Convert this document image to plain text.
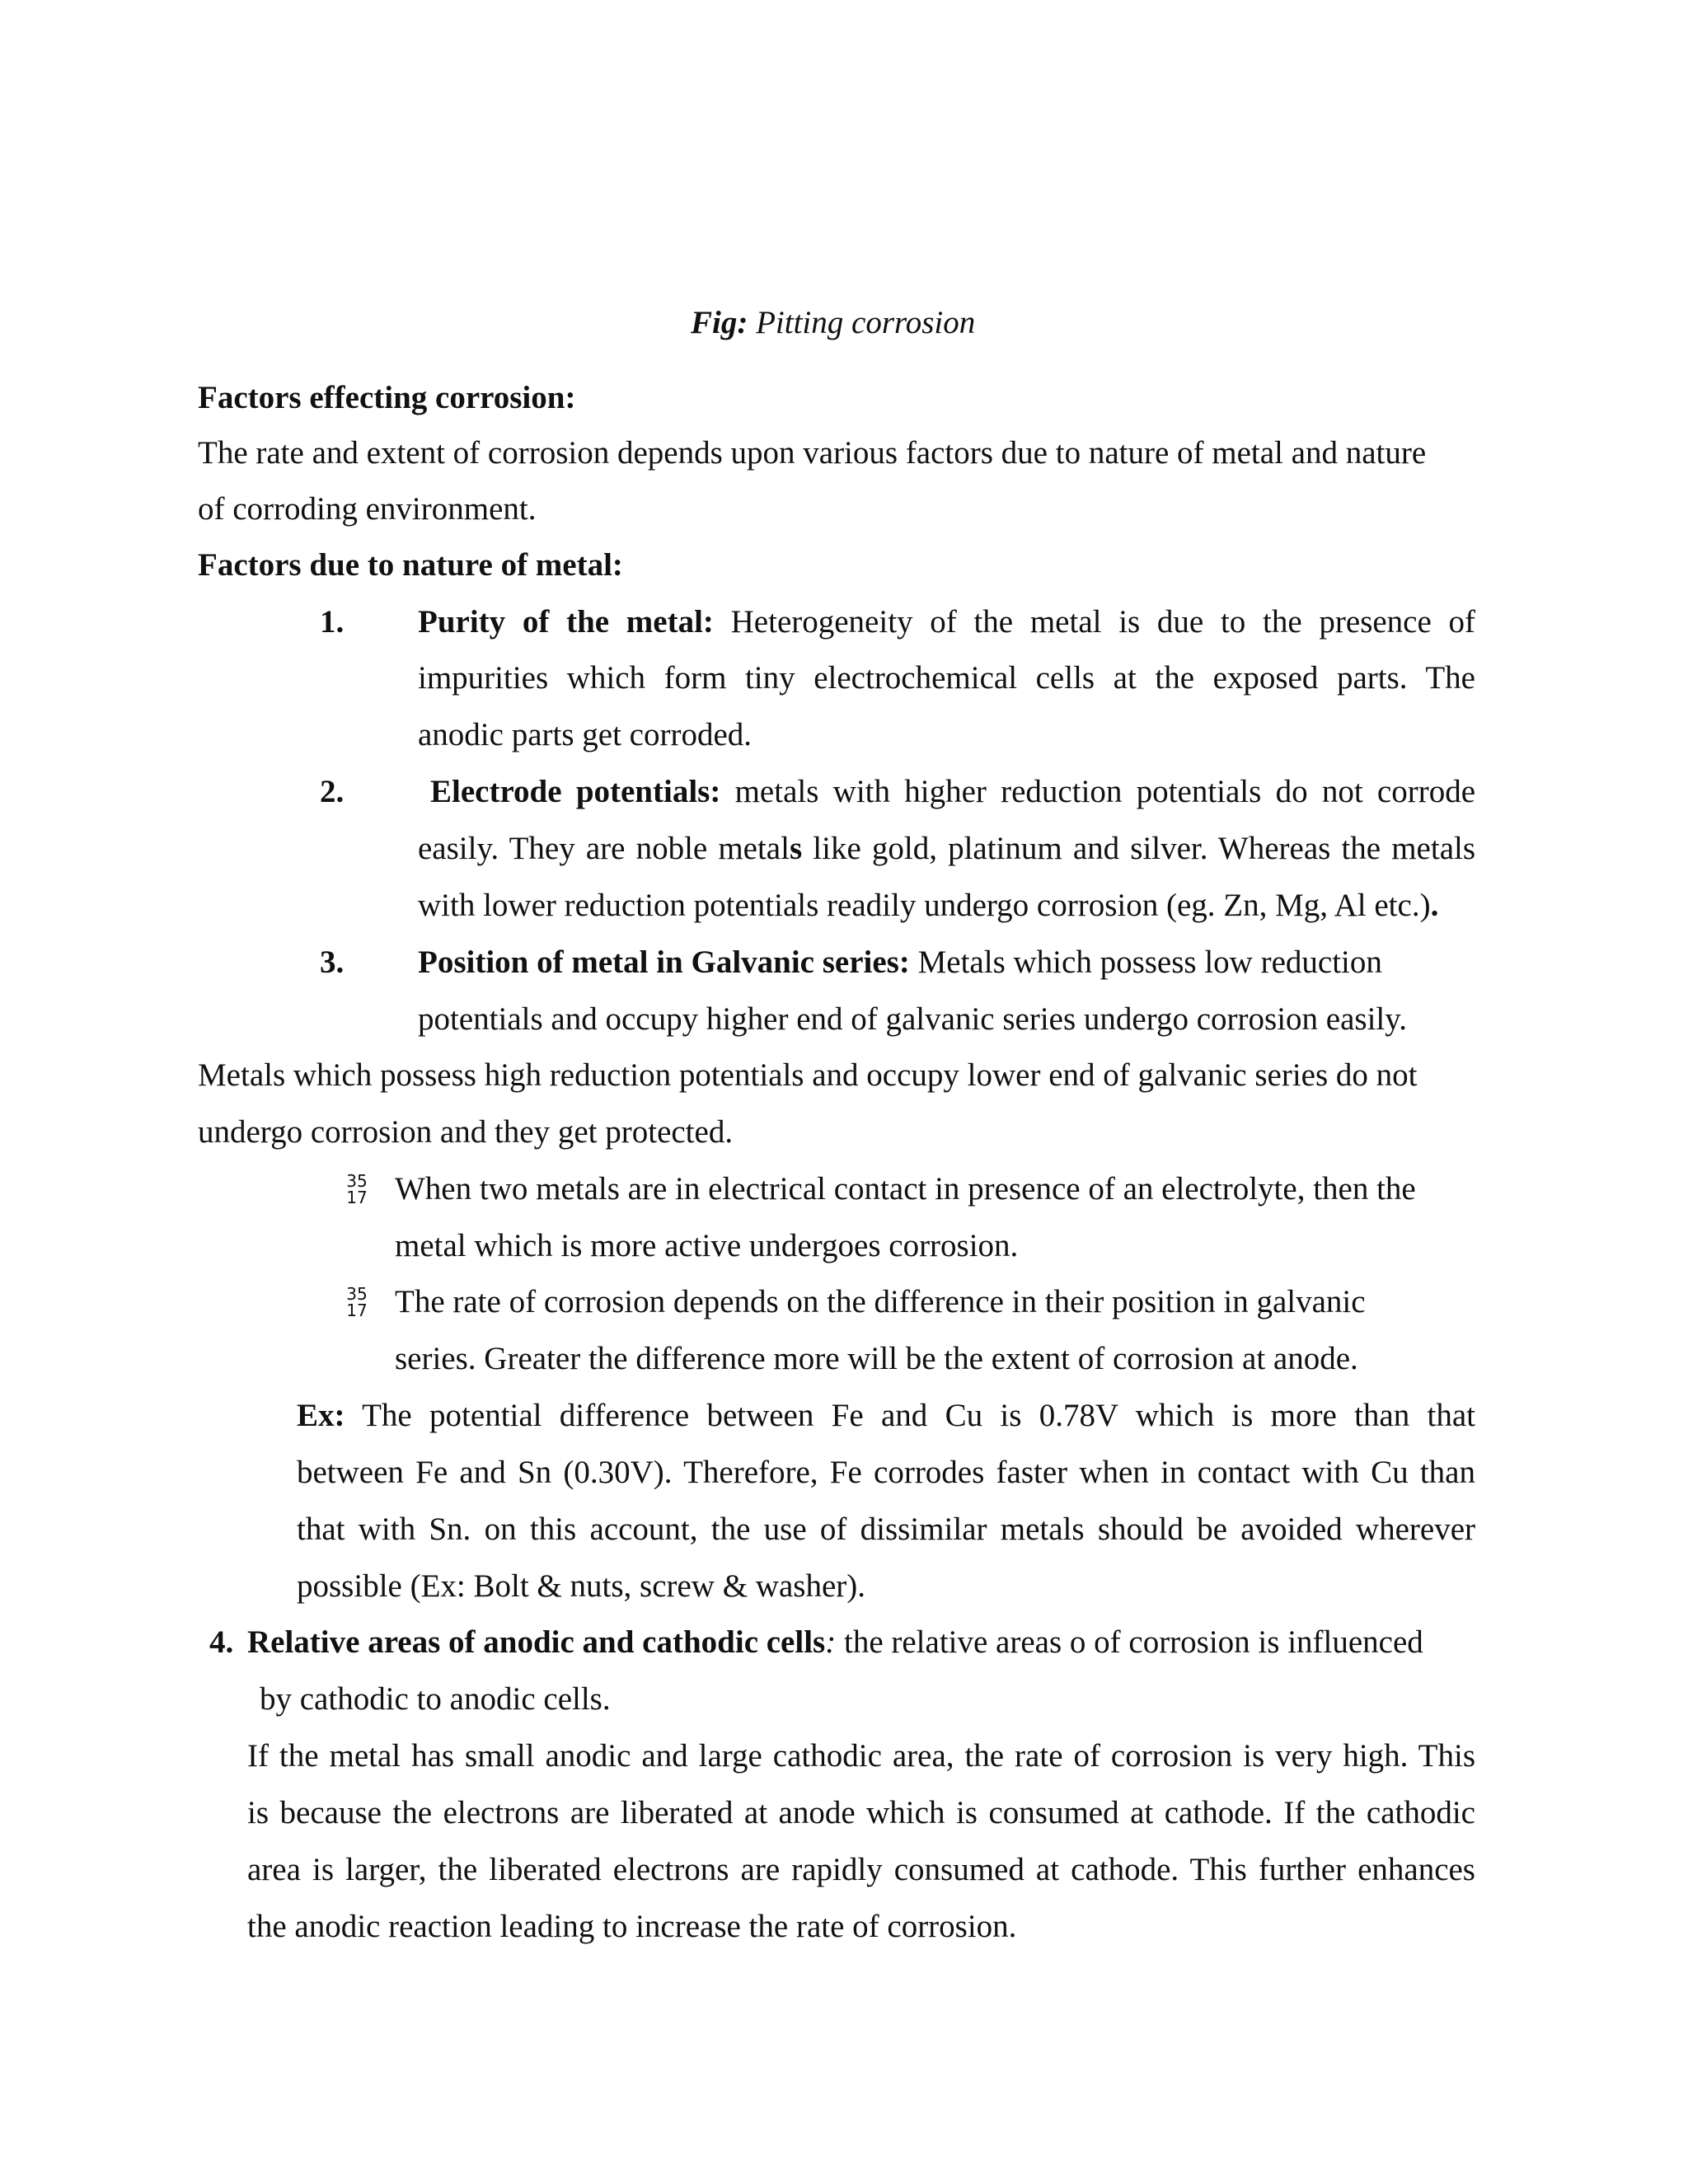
Fig: Pitting corrosion
Factors effecting corrosion:
The rate and extent of corrosion depends upon various factors due to nature of metal and nature
of corroding environment.
Factors due to nature of metal:
1. Purity of the metal: Heterogeneity of the metal is due to the presence of
impurities which form tiny electrochemical cells at the exposed parts. The
anodic parts get corroded.
2.	Electrode potentials: metals with higher reduction potentials do not corrode
easily. They are noble metals like gold, platinum and silver. Whereas the metals
with lower reduction potentials readily undergo corrosion (eg. Zn, Mg, Al etc.).
3. Position of metal in Galvanic series: Metals which possess low reduction
potentials and occupy higher end of galvanic series undergo corrosion easily.
Metals which possess high reduction potentials and occupy lower end of galvanic series do not
undergo corrosion and they get protected.
35
17 When two metals are in electrical contact in presence of an electrolyte, then the
metal which is more active undergoes corrosion.
35
17 The rate of corrosion depends on the difference in their position in galvanic
series. Greater the difference more will be the extent of corrosion at anode.
Ex: The potential difference between Fe and Cu is 0.78V which is more than that
between Fe and Sn (0.30V). Therefore, Fe corrodes faster when in contact with Cu than
that with Sn. on this account, the use of dissimilar metals should be avoided wherever
possible (Ex: Bolt & nuts, screw & washer).
4. Relative areas of anodic and cathodic cells: the relative areas o of corrosion is influenced
by cathodic to anodic cells.
If the metal has small anodic and large cathodic area, the rate of corrosion is very high. This
is because the electrons are liberated at anode which is consumed at cathode. If the cathodic
area is larger, the liberated electrons are rapidly consumed at cathode. This further enhances
the anodic reaction leading to increase the rate of corrosion.
